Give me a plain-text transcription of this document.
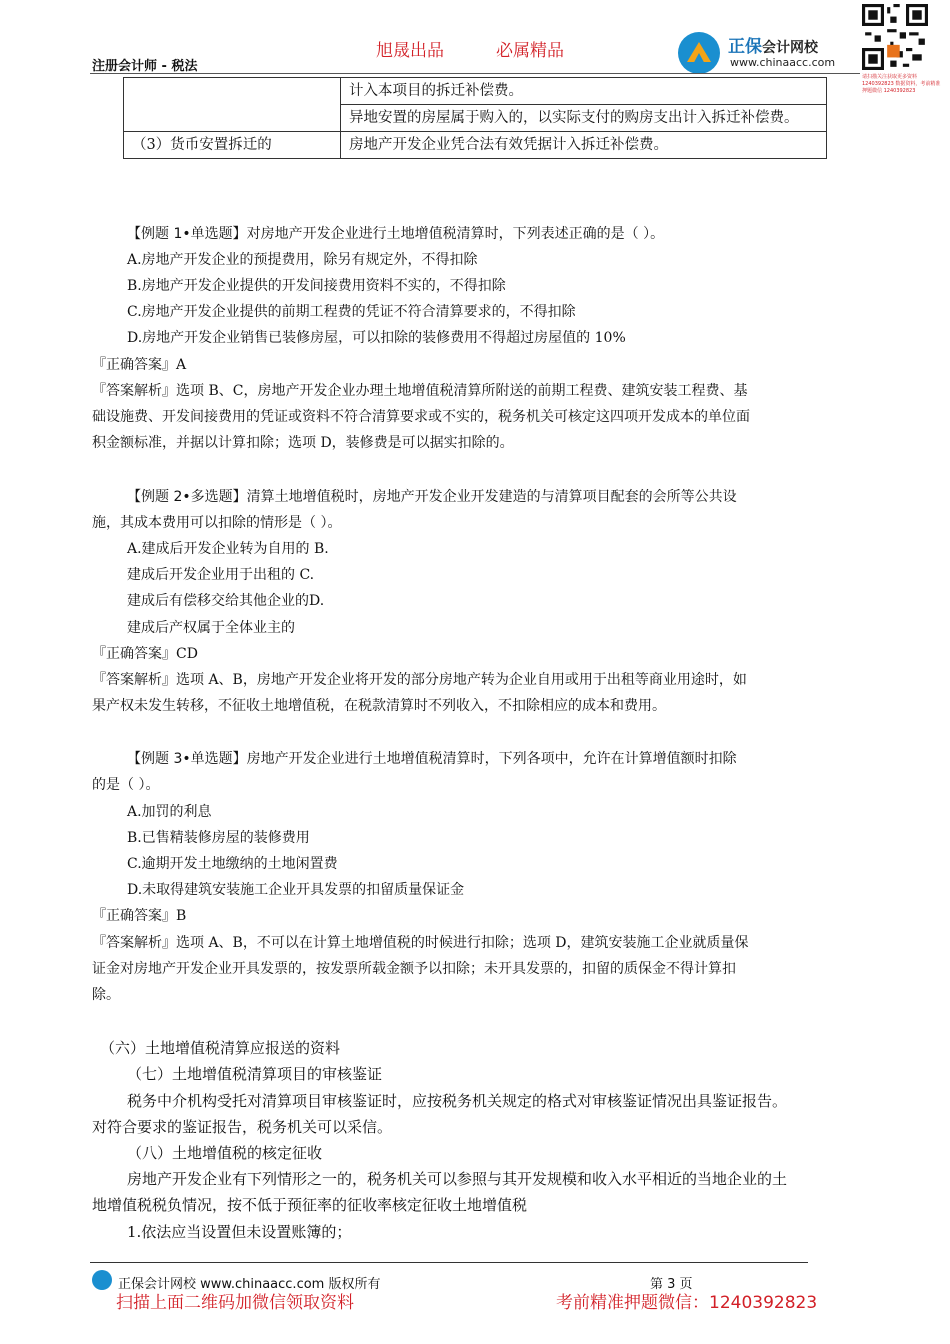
注册会计师 - 税法
旭晟出品	必属精品	正保会计网校
www.chinaacc.com
请扫描关注获取更多资料 1240392823 数据资料，考前精准押题微信 1240392823
	计入本项目的拆迁补偿费。
	异地安置的房屋属于购入的，以实际支付的购房支出计入拆迁补偿费。
（3）货币安置拆迁的	房地产开发企业凭合法有效凭据计入拆迁补偿费。
【例题 1•单选题】对房地产开发企业进行土地增值税清算时，下列表述正确的是（ ）。
A.房地产开发企业的预提费用，除另有规定外，不得扣除
B.房地产开发企业提供的开发间接费用资料不实的，不得扣除
C.房地产开发企业提供的前期工程费的凭证不符合清算要求的，不得扣除
D.房地产开发企业销售已装修房屋，可以扣除的装修费用不得超过房屋值的 10%
『正确答案』A
『答案解析』选项 B、C，房地产开发企业办理土地增值税清算所附送的前期工程费、建筑安装工程费、基
础设施费、开发间接费用的凭证或资料不符合清算要求或不实的，税务机关可核定这四项开发成本的单位面
积金额标准，并据以计算扣除；选项 D，装修费是可以据实扣除的。
【例题 2•多选题】清算土地增值税时，房地产开发企业开发建造的与清算项目配套的会所等公共设
施，其成本费用可以扣除的情形是（ ）。
A.建成后开发企业转为自用的 B.
建成后开发企业用于出租的 C.
建成后有偿移交给其他企业的D.
建成后产权属于全体业主的
『正确答案』CD
『答案解析』选项 A、B，房地产开发企业将开发的部分房地产转为企业自用或用于出租等商业用途时，如
果产权未发生转移，不征收土地增值税，在税款清算时不列收入，不扣除相应的成本和费用。
【例题 3•单选题】房地产开发企业进行土地增值税清算时，下列各项中，允许在计算增值额时扣除
的是（ ）。
A.加罚的利息
B.已售精装修房屋的装修费用
C.逾期开发土地缴纳的土地闲置费
D.未取得建筑安装施工企业开具发票的扣留质量保证金
『正确答案』B
『答案解析』选项 A、B，不可以在计算土地增值税的时候进行扣除；选项 D，建筑安装施工企业就质量保
证金对房地产开发企业开具发票的，按发票所载金额予以扣除；未开具发票的，扣留的质保金不得计算扣
除。
（六）土地增值税清算应报送的资料
（七）土地增值税清算项目的审核鉴证
税务中介机构受托对清算项目审核鉴证时，应按税务机关规定的格式对审核鉴证情况出具鉴证报告。
对符合要求的鉴证报告，税务机关可以采信。
（八）土地增值税的核定征收
房地产开发企业有下列情形之一的，税务机关可以参照与其开发规模和收入水平相近的当地企业的土
地增值税税负情况，按不低于预征率的征收率核定征收土地增值税
1.依法应当设置但未设置账簿的；
正保会计网校 www.chinaacc.com 版权所有	第 3 页
扫描上面二维码加微信领取资料	考前精准押题微信：1240392823
